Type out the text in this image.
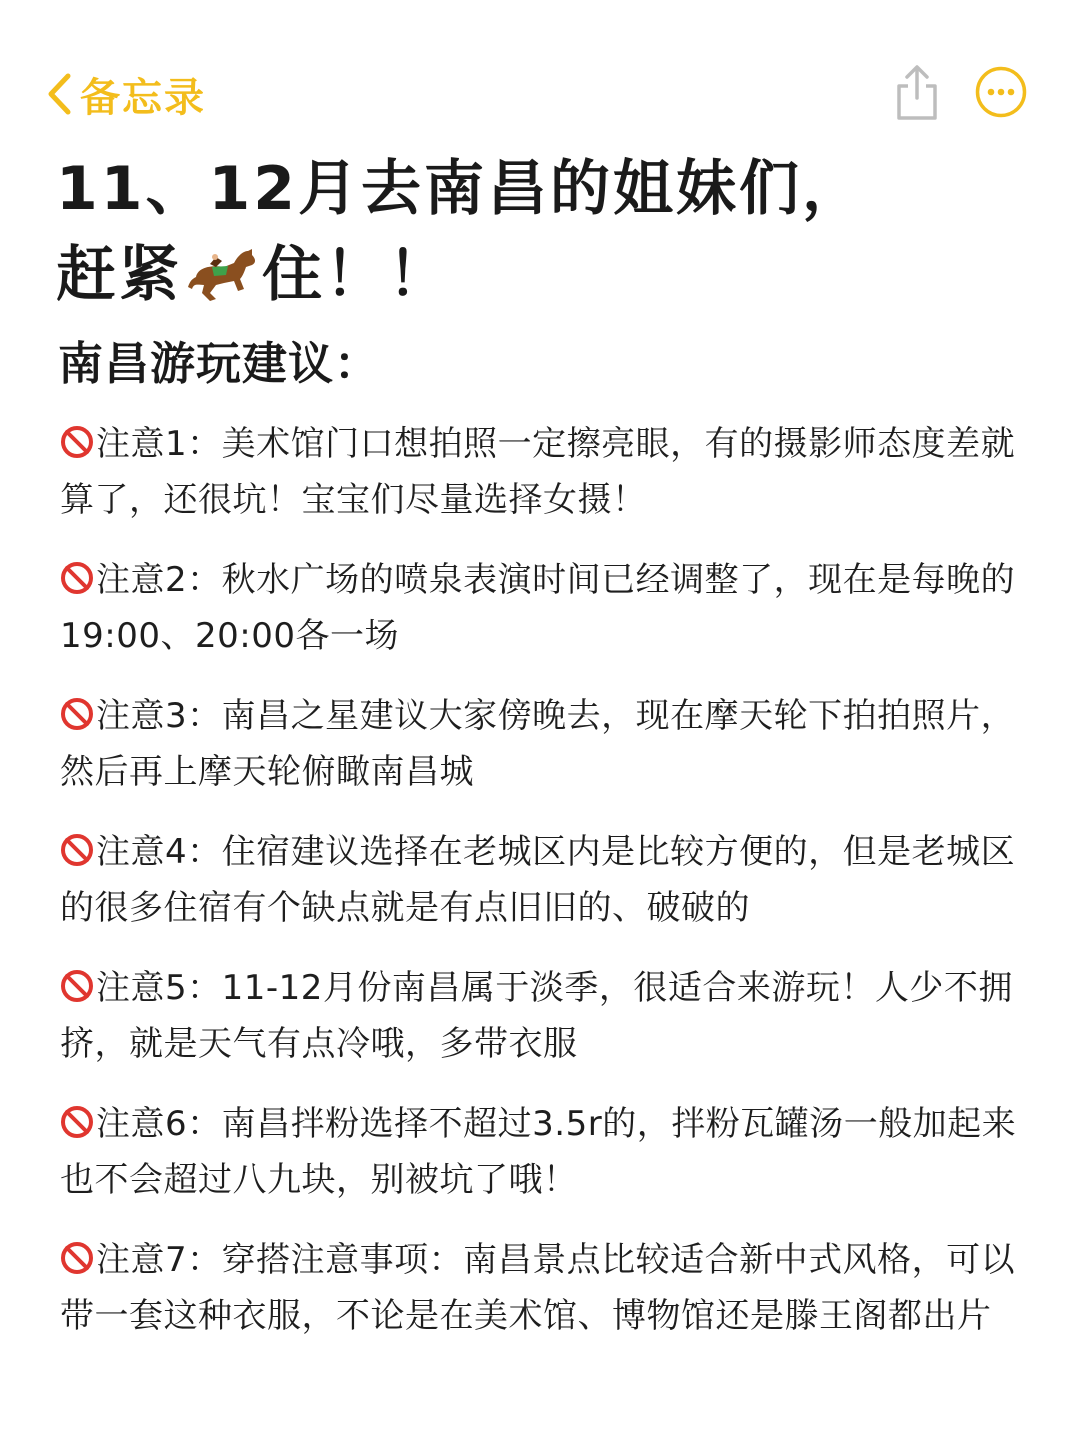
备忘录
11、12月去南昌的姐妹们，
赶紧 住！！
南昌游玩建议：
注意1：美术馆门口想拍照一定擦亮眼，有的摄影师态度差就算了，还很坑！宝宝们尽量选择女摄！
注意2：秋水广场的喷泉表演时间已经调整了，现在是每晚的19:00、20:00各一场
注意3：南昌之星建议大家傍晚去，现在摩天轮下拍拍照片，然后再上摩天轮俯瞰南昌城
注意4：住宿建议选择在老城区内是比较方便的，但是老城区的很多住宿有个缺点就是有点旧旧的、破破的
注意5：11-12月份南昌属于淡季，很适合来游玩！人少不拥挤，就是天气有点冷哦，多带衣服
注意6：南昌拌粉选择不超过3.5r的，拌粉瓦罐汤一般加起来也不会超过八九块，别被坑了哦！
注意7：穿搭注意事项：南昌景点比较适合新中式风格，可以带一套这种衣服，不论是在美术馆、博物馆还是滕王阁都出片
